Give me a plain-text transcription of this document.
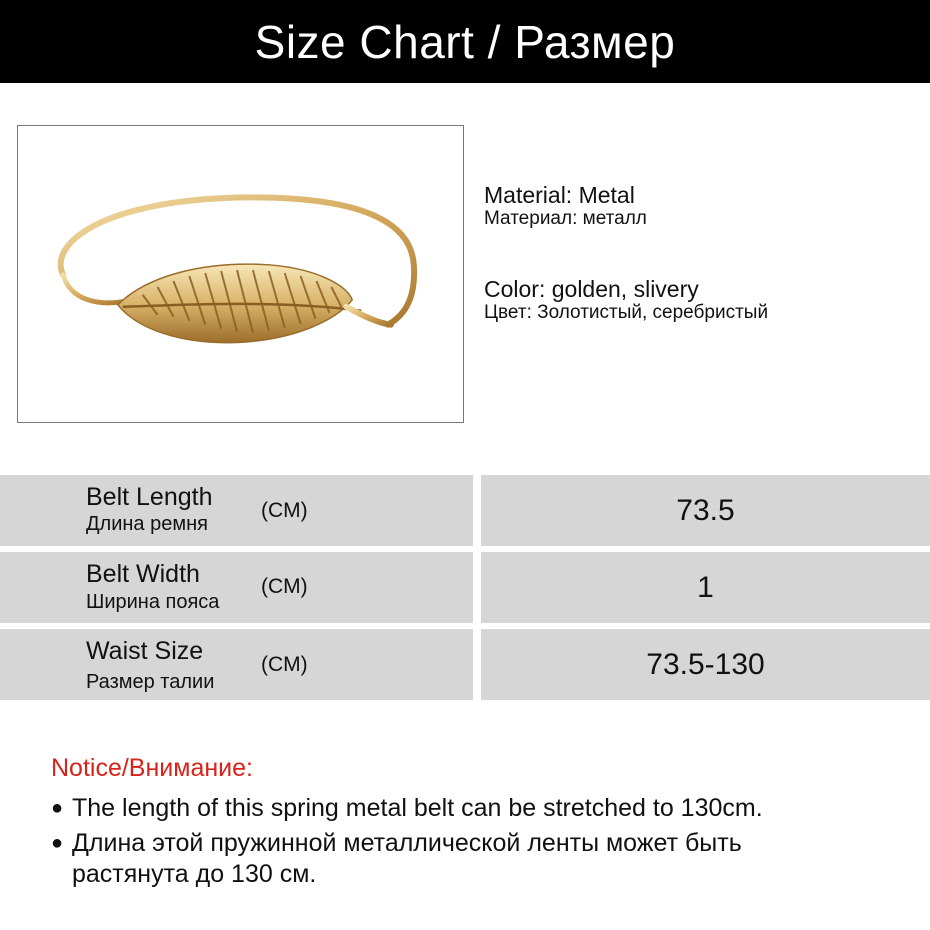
Size Chart / Размер
Material: Metal
Материал: металл
Color: golden, slivery
Цвет: Золотистый, серебристый
Belt Length
Длина ремня
(CM)	73.5
Belt Width
Ширина пояса
(CM)	1
Waist Size
Размер талии
(CM)	73.5-130
Notice/Внимание:
● The length of this spring metal belt can be stretched to 130cm.
● Длина этой пружинной металлической ленты может быть
растянута до 130 см.
